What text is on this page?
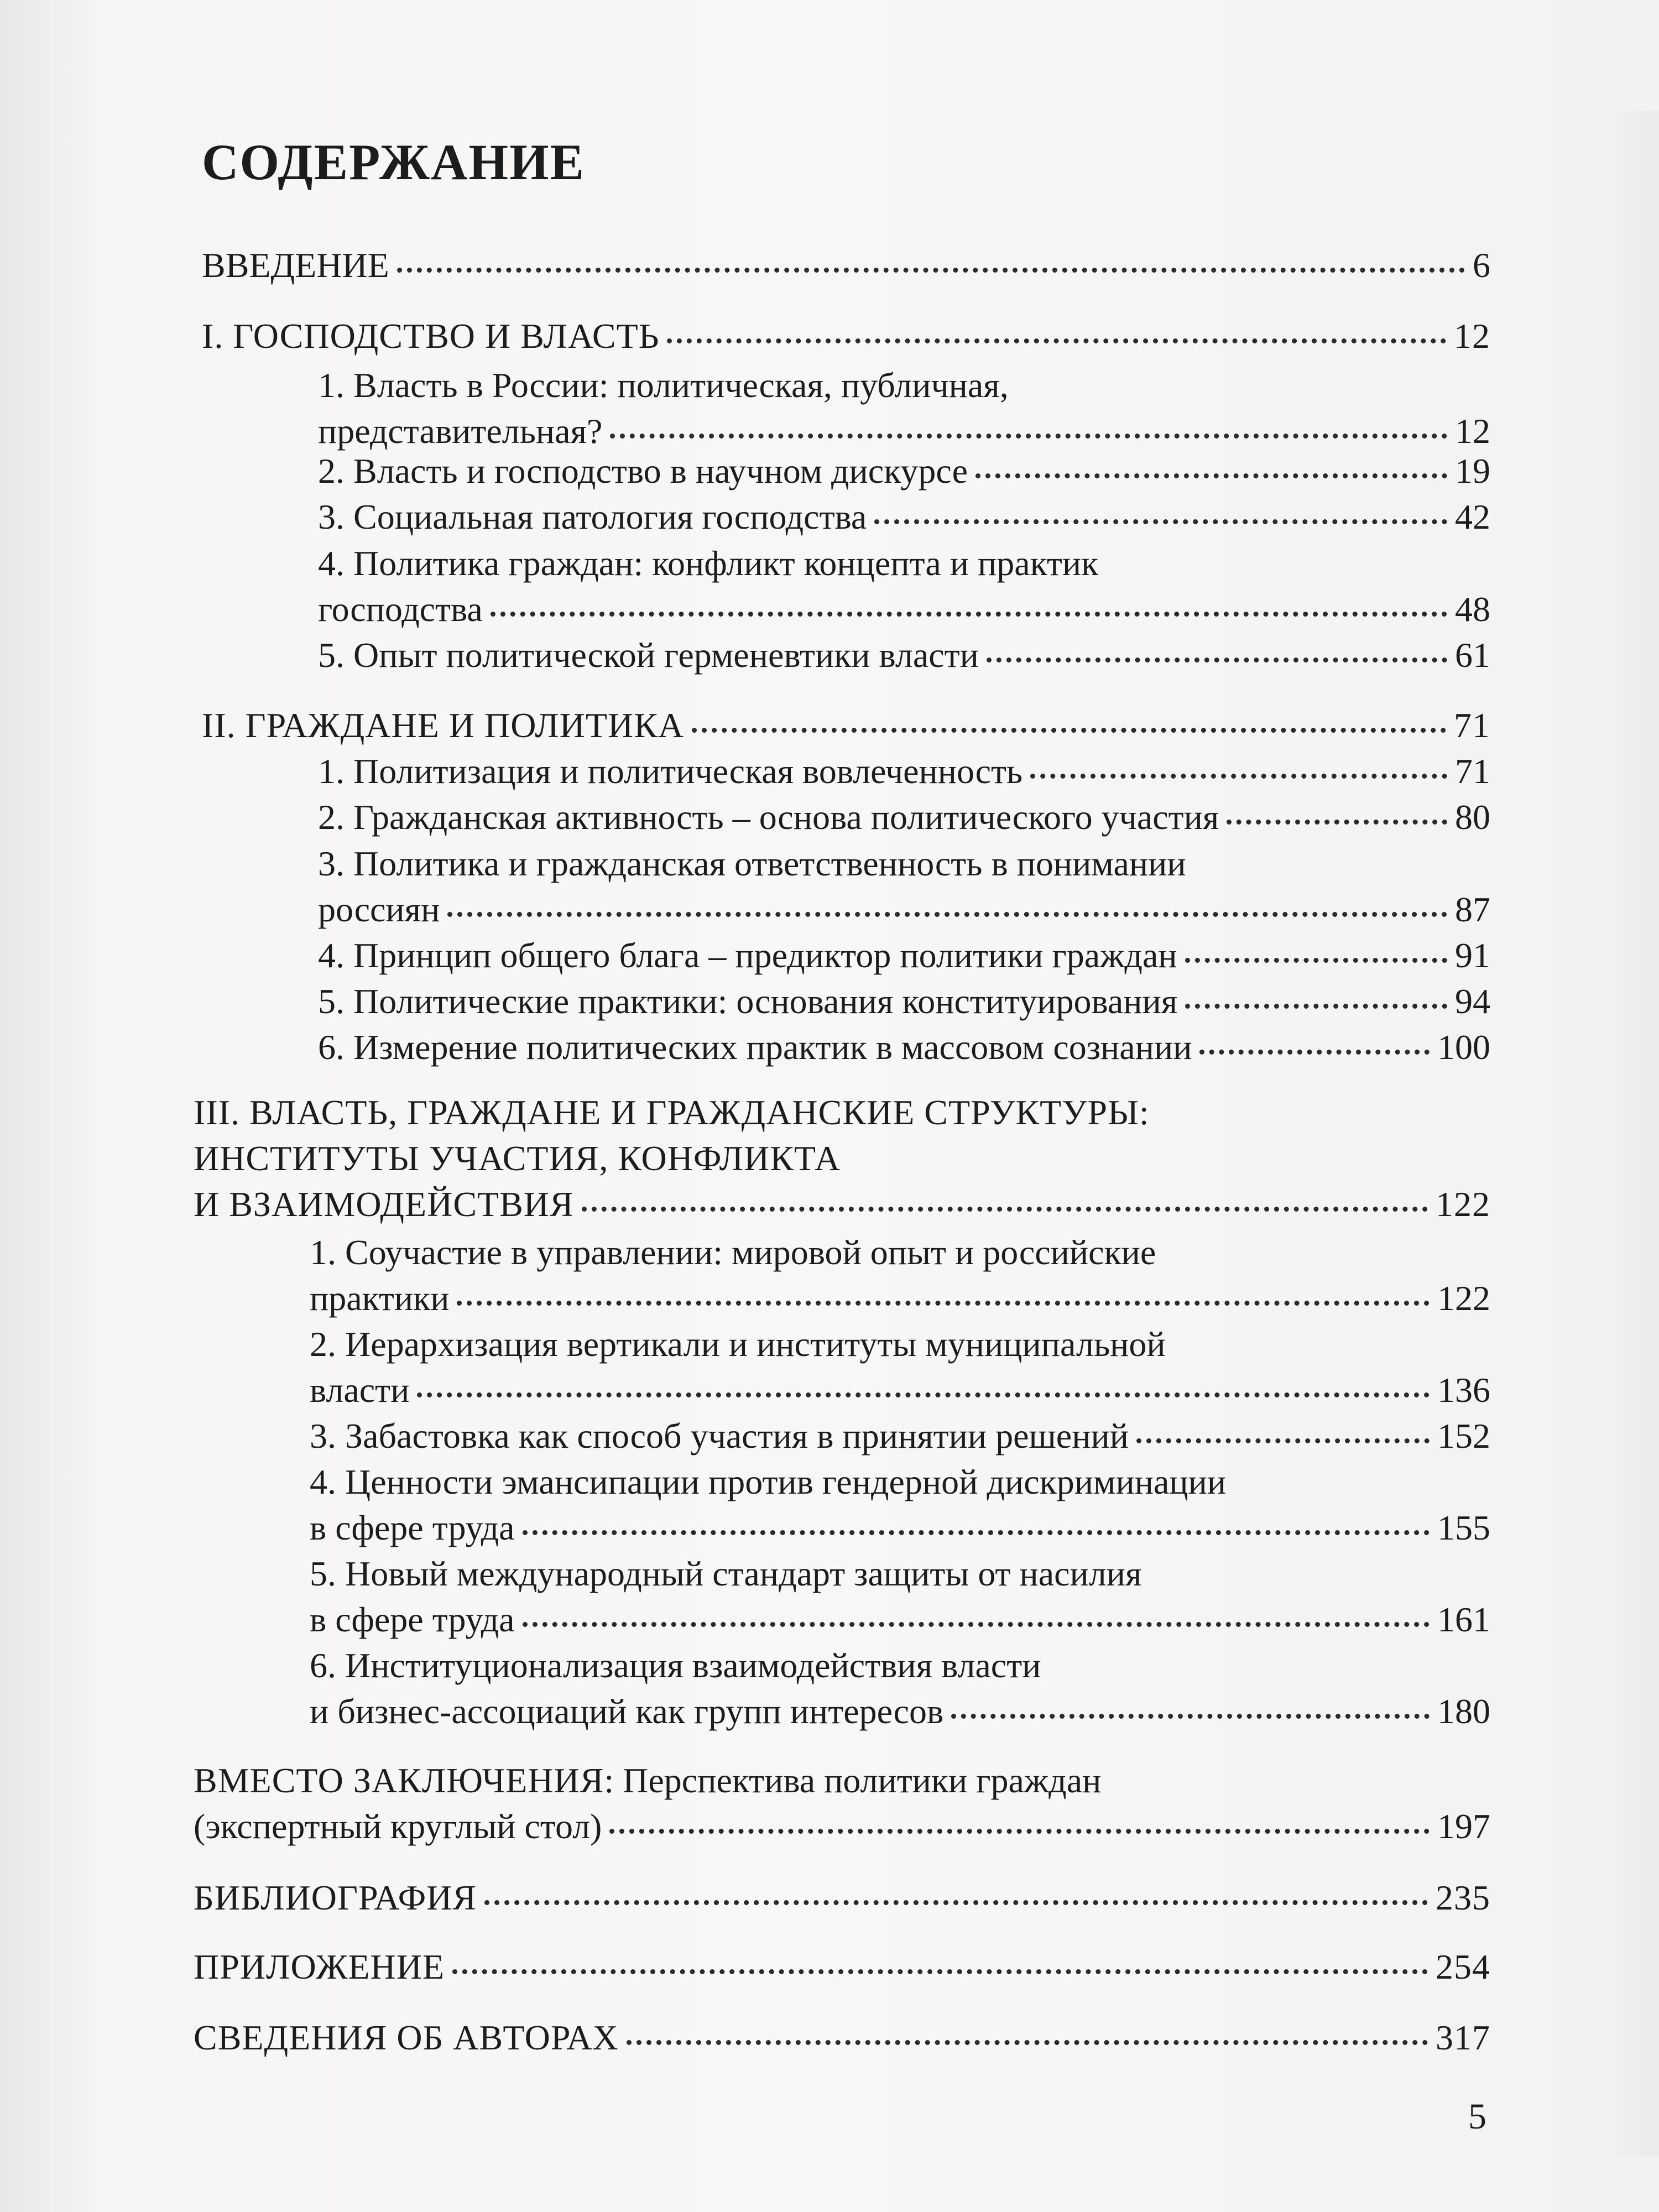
СОДЕРЖАНИЕ
ВВЕДЕНИЕ	6
I. ГОСПОДСТВО И ВЛАСТЬ	12
1. Власть в России: политическая, публичная,
представительная?	12
2. Власть и господство в научном дискурсе	19
3. Социальная патология господства	42
4. Политика граждан: конфликт концепта и практик
господства	48
5. Опыт политической герменевтики власти	61
II. ГРАЖДАНЕ И ПОЛИТИКА	71
1. Политизация и политическая вовлеченность	71
2. Гражданская активность – основа политического участия	80
3. Политика и гражданская ответственность в понимании
россиян	87
4. Принцип общего блага – предиктор политики граждан	91
5. Политические практики: основания конституирования	94
6. Измерение политических практик в массовом сознании	100
III. ВЛАСТЬ, ГРАЖДАНЕ И ГРАЖДАНСКИЕ СТРУКТУРЫ:
ИНСТИТУТЫ УЧАСТИЯ, КОНФЛИКТА
И ВЗАИМОДЕЙСТВИЯ	122
1. Соучастие в управлении: мировой опыт и российские
практики	122
2. Иерархизация вертикали и институты муниципальной
власти	136
3. Забастовка как способ участия в принятии решений	152
4. Ценности эмансипации против гендерной дискриминации
в сфере труда	155
5. Новый международный стандарт защиты от насилия
в сфере труда	161
6. Институционализация взаимодействия власти
и бизнес-ассоциаций как групп интересов	180
ВМЕСТО ЗАКЛЮЧЕНИЯ: Перспектива политики граждан
(экспертный круглый стол)	197
БИБЛИОГРАФИЯ	235
ПРИЛОЖЕНИЕ	254
СВЕДЕНИЯ ОБ АВТОРАХ	317
5
